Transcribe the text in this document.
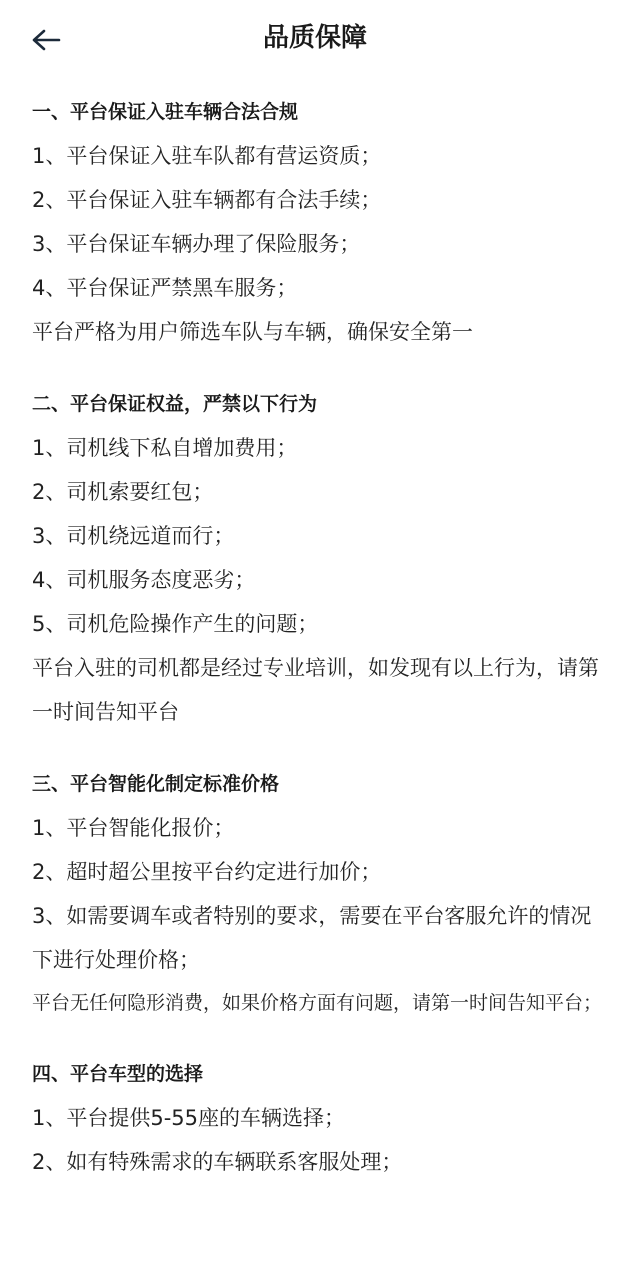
品质保障
一、平台保证入驻车辆合法合规
1、平台保证入驻车队都有营运资质；
2、平台保证入驻车辆都有合法手续；
3、平台保证车辆办理了保险服务；
4、平台保证严禁黑车服务；
平台严格为用户筛选车队与车辆，确保安全第一
二、平台保证权益，严禁以下行为
1、司机线下私自增加费用；
2、司机索要红包；
3、司机绕远道而行；
4、司机服务态度恶劣；
5、司机危险操作产生的问题；
平台入驻的司机都是经过专业培训，如发现有以上行为，请第一时间告知平台
三、平台智能化制定标准价格
1、平台智能化报价；
2、超时超公里按平台约定进行加价；
3、如需要调车或者特别的要求，需要在平台客服允许的情况下进行处理价格；
平台无任何隐形消费，如果价格方面有问题，请第一时间告知平台；
四、平台车型的选择
1、平台提供5-55座的车辆选择；
2、如有特殊需求的车辆联系客服处理；
